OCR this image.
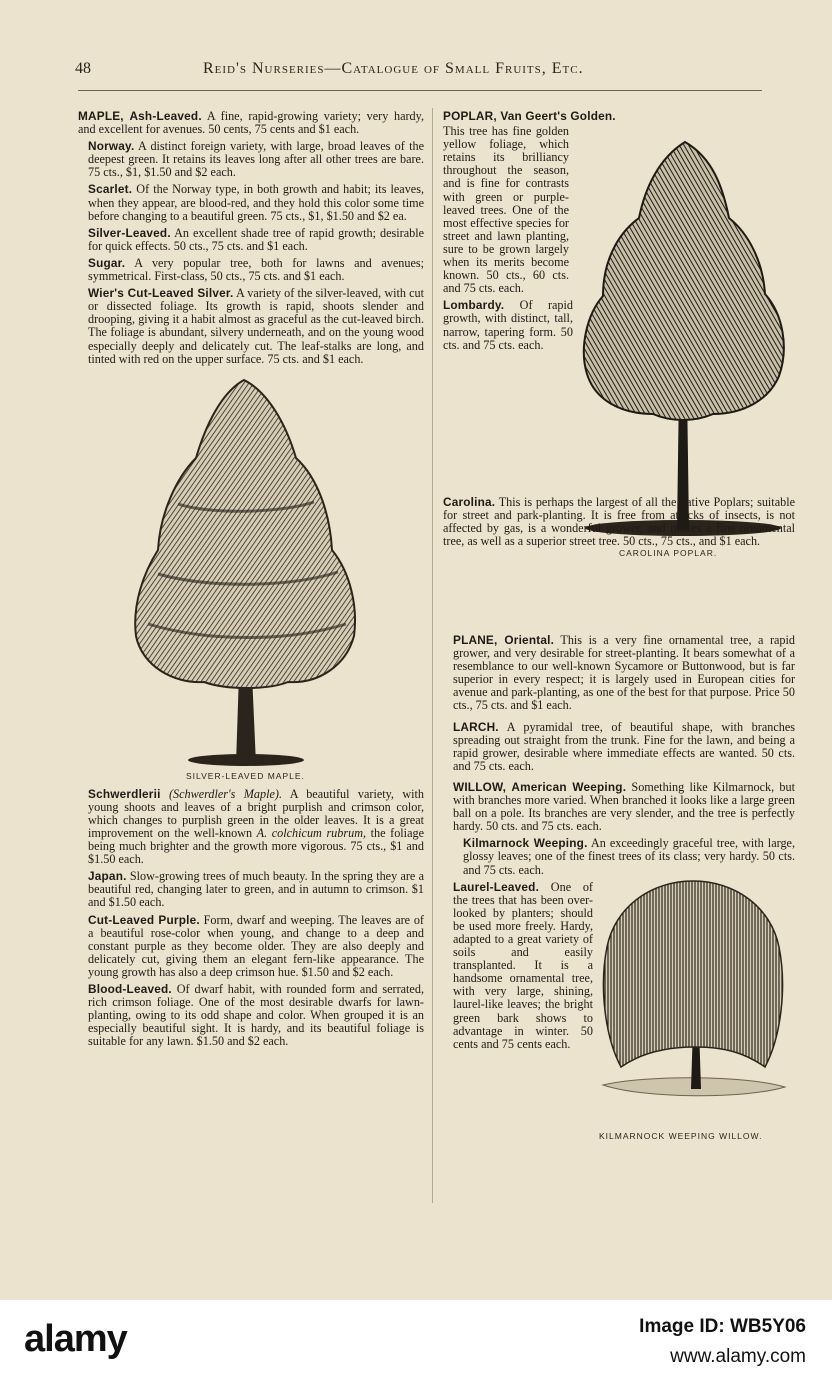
48	Reid's Nurseries—Catalogue of Small Fruits, Etc.

MAPLE, Ash-Leaved. A fine, rapid-growing variety; very hardy, and excellent for avenues. 50 cents, 75 cents and $1 each.

Norway. A distinct foreign variety, with large, broad leaves of the deepest green. It retains its leaves long after all other trees are bare. 75 cts., $1, $1.50 and $2 each.

Scarlet. Of the Norway type, in both growth and habit; its leaves, when they appear, are blood-red, and they hold this color some time before changing to a beautiful green. 75 cts., $1, $1.50 and $2 ea.

Silver-Leaved. An excellent shade tree of rapid growth; desirable for quick effects. 50 cts., 75 cts. and $1 each.

Sugar. A very popular tree, both for lawns and avenues; symmetrical. First-class, 50 cts., 75 cts. and $1 each.

Wier's Cut-Leaved Silver. A variety of the silver-leaved, with cut or dissected foliage. Its growth is rapid, shoots slender and drooping, giving it a habit almost as graceful as the cut-leaved birch. The foliage is abundant, silvery underneath, and on the young wood especially deeply and delicately cut. The leaf-stalks are long, and tinted with red on the upper surface. 75 cts. and $1 each.

SILVER-LEAVED MAPLE.

Schwerdlerii (Schwerdler's Maple). A beautiful variety, with young shoots and leaves of a bright purplish and crimson color, which changes to purplish green in the older leaves. It is a great improvement on the well-known A. colchicum rubrum, the foliage being much brighter and the growth more vigorous. 75 cts., $1 and $1.50 each.

Japan. Slow-growing trees of much beauty. In the spring they are a beautiful red, changing later to green, and in autumn to crimson. $1 and $1.50 each.

Cut-Leaved Purple. Form, dwarf and weeping. The leaves are of a beautiful rose-color when young, and change to a deep and constant purple as they become older. They are also deeply and delicately cut, giving them an elegant fern-like appearance. The young growth has also a deep crimson hue. $1.50 and $2 each.

Blood-Leaved. Of dwarf habit, with rounded form and serrated, rich crimson foliage. One of the most desirable dwarfs for lawn-planting, owing to its odd shape and color. When grouped it is an especially beautiful sight. It is hardy, and its beautiful foliage is suitable for any lawn. $1.50 and $2 each.

CAROLINA POPLAR.

POPLAR, Van Geert's Golden.

This tree has fine golden yellow foliage, which retains its brilliancy throughout the season, and is fine for contrasts with green or purple-leaved trees. One of the most effective species for street and lawn planting, sure to be grown largely when its merits become known. 50 cts., 60 cts. and 75 cts. each.

Lombardy. Of rapid growth, with distinct, tall, narrow, tapering form. 50 cts. and 75 cts. each.

Carolina. This is perhaps the largest of all the native Poplars; suitable for street and park-planting. It is free from attacks of insects, is not affected by gas, is a wonderful grower, and makes a fine ornamental tree, as well as a superior street tree. 50 cts., 75 cts., and $1 each.

PLANE, Oriental. This is a very fine ornamental tree, a rapid grower, and very desirable for street-planting. It bears somewhat of a resemblance to our well-known Sycamore or Buttonwood, but is far superior in every respect; it is largely used in European cities for avenue and park-planting, as one of the best for that purpose. Price 50 cts., 75 cts. and $1 each.

LARCH. A pyramidal tree, of beautiful shape, with branches spreading out straight from the trunk. Fine for the lawn, and being a rapid grower, desirable where immediate effects are wanted. 50 cts. and 75 cts. each.

WILLOW, American Weeping. Something like Kilmarnock, but with branches more varied. When branched it looks like a large green ball on a pole. Its branches are very slender, and the tree is perfectly hardy. 50 cts. and 75 cts. each.

KILMARNOCK WEEPING WILLOW.

Kilmarnock Weeping. An exceedingly graceful tree, with large, glossy leaves; one of the finest trees of its class; very hardy. 50 cts. and 75 cts. each.

Laurel-Leaved. One of the trees that has been over-looked by planters; should be used more freely. Hardy, adapted to a great variety of soils and easily transplanted. It is a handsome ornamental tree, with very large, shining, laurel-like leaves; the bright green bark shows to advantage in winter. 50 cents and 75 cents each.

alamy	Image ID: WB5Y06
www.alamy.com
